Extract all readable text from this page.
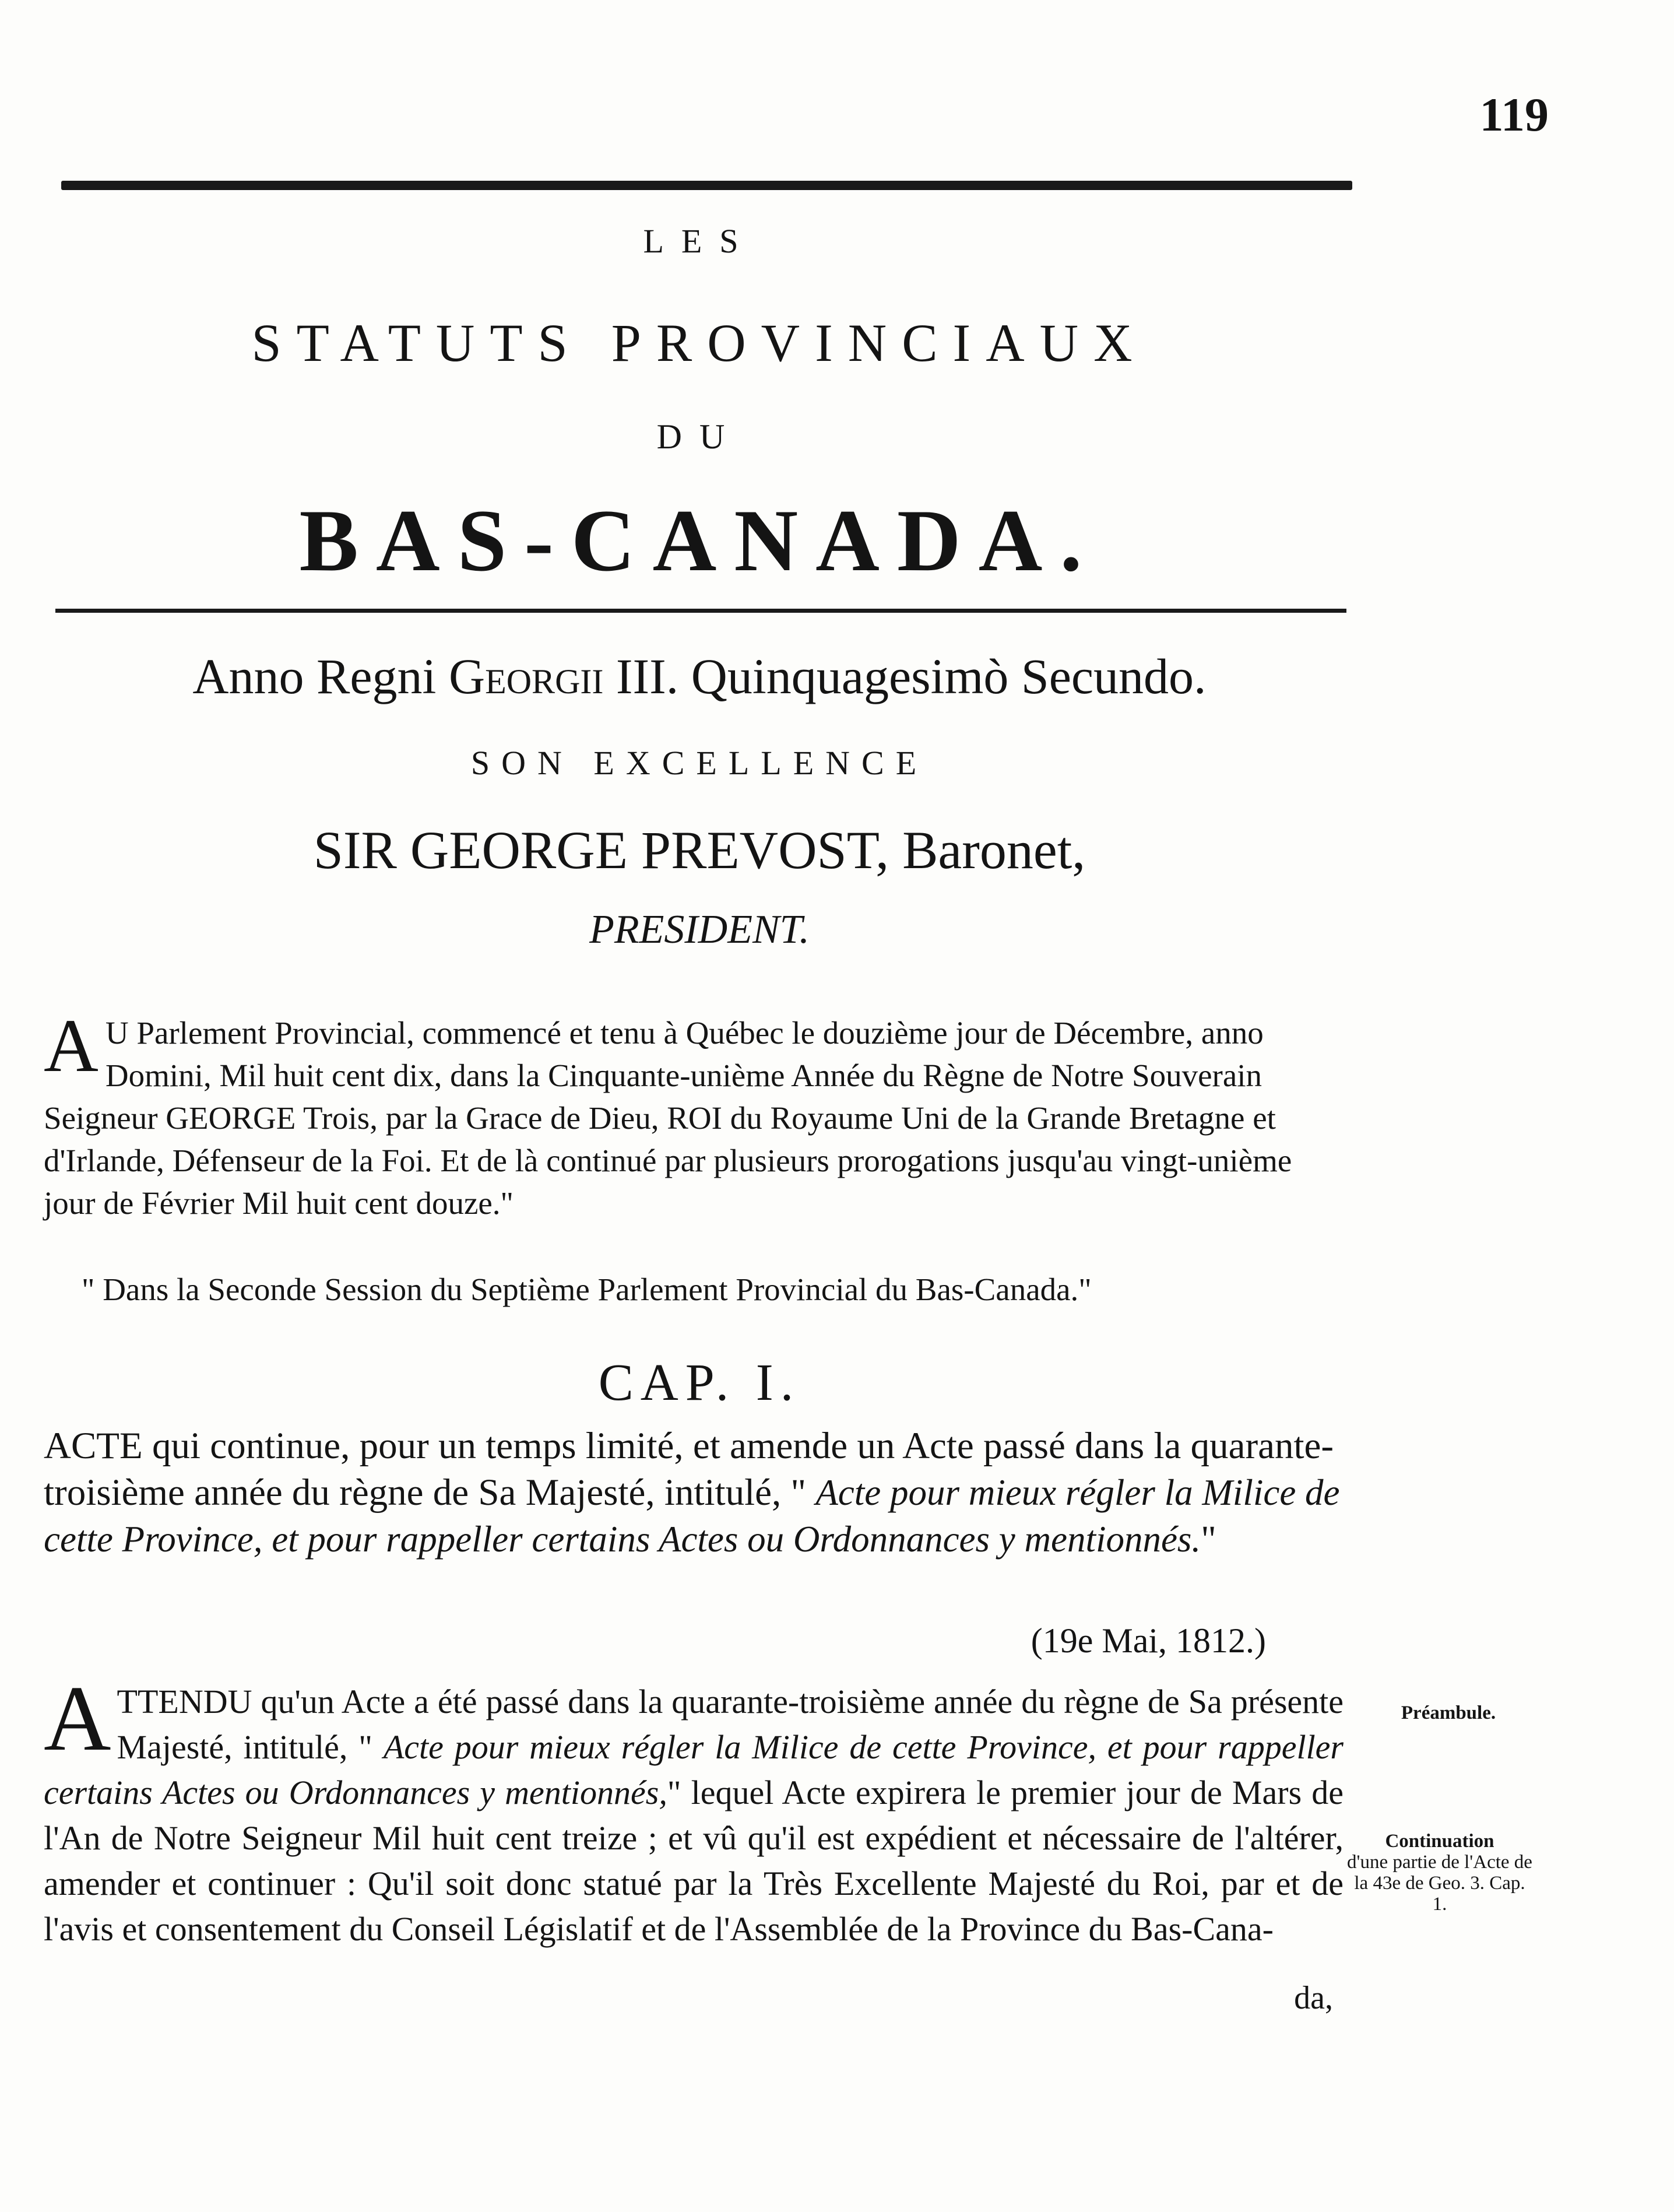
119
LES
STATUTS PROVINCIAUX
DU
BAS-CANADA.
Anno Regni Georgii III. Quinquagesimò Secundo.
SON EXCELLENCE
SIR GEORGE PREVOST, Baronet,
PRESIDENT.
A U Parlement Provincial, commencé et tenu à Québec le douzième jour de Décembre, anno Domini, Mil huit cent dix, dans la Cinquante-unième Année du Règne de Notre Souverain Seigneur GEORGE Trois, par la Grace de Dieu, ROI du Royaume Uni de la Grande Bretagne et d'Irlande, Défenseur de la Foi. Et de là continué par plusieurs prorogations jusqu'au vingt-unième jour de Février Mil huit cent douze."
" Dans la Seconde Session du Septième Parlement Provincial du Bas-Canada."
CAP. I.
ACTE qui continue, pour un temps limité, et amende un Acte passé dans la quarante-troisième année du règne de Sa Majesté, intitulé, " Acte pour mieux régler la Milice de cette Province, et pour rappeller certains Actes ou Ordonnances y mentionnés."
(19e Mai, 1812.)
A TTENDU qu'un Acte a été passé dans la quarante-troisième année du règne de Sa présente Majesté, intitulé, " Acte pour mieux régler la Milice de cette Province, et pour rappeller certains Actes ou Ordonnances y mentionnés," lequel Acte expirera le premier jour de Mars de l'An de Notre Seigneur Mil huit cent treize ; et vû qu'il est expédient et nécessaire de l'altérer, amender et continuer : Qu'il soit donc statué par la Très Excellente Majesté du Roi, par et de l'avis et consentement du Conseil Législatif et de l'Assemblée de la Province du Bas-Cana-
da,
Préambule.
Continuation
d'une partie de l'Acte de la 43e de Geo. 3. Cap. 1.
